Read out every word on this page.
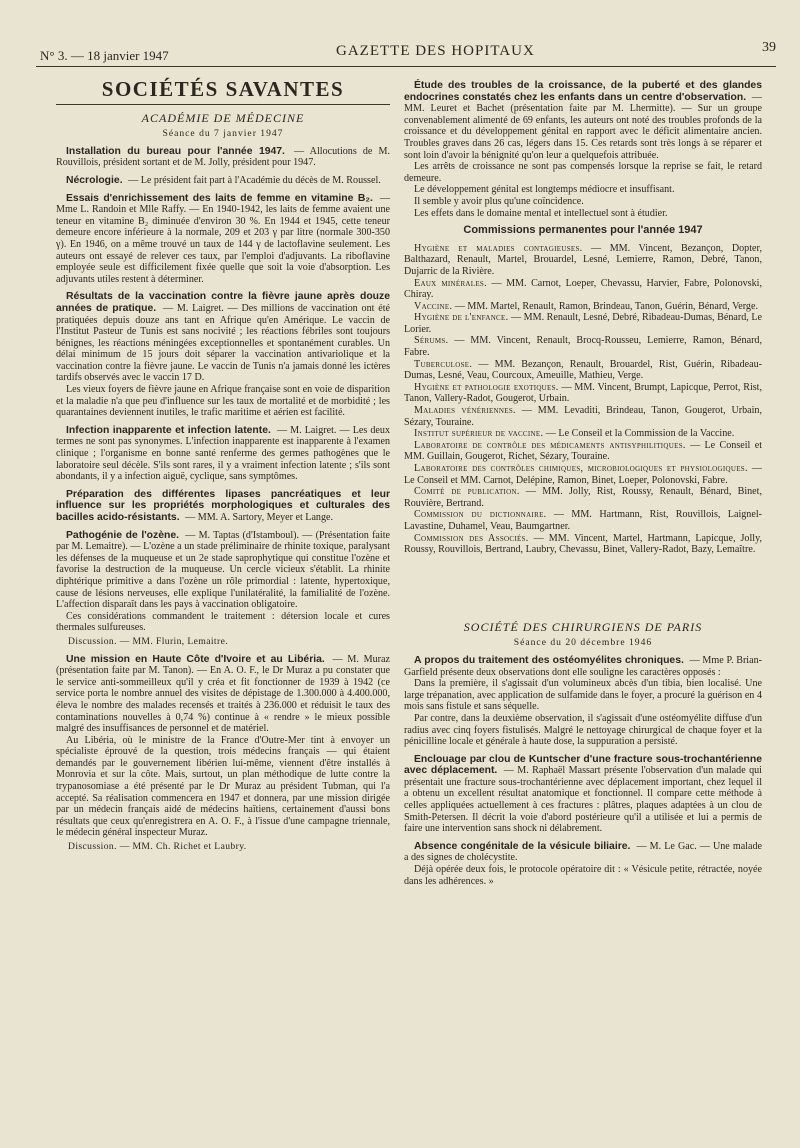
N° 3. — 18 janvier 1947	GAZETTE DES HOPITAUX	39
SOCIÉTÉS SAVANTES
ACADÉMIE DE MÉDECINE
Séance du 7 janvier 1947

Installation du bureau pour l'année 1947. — Allocutions de M. Rouvillois, président sortant et de M. Jolly, président pour 1947.

Nécrologie. — Le président fait part à l'Académie du décès de M. Roussel.

Essais d'enrichissement des laits de femme en vitamine B₂. — Mme L. Randoin et Mlle Raffy. — En 1940-1942, les laits de femme avaient une teneur en vitamine B₂ diminuée d'environ 30 %. En 1944 et 1945, cette teneur demeure encore inférieure à la normale, 209 et 203 γ par litre (normale 300-350 γ). En 1946, on a même trouvé un taux de 144 γ de lactoflavine seulement. Les auteurs ont essayé de relever ces taux, par l'emploi d'adjuvants. La riboflavine employée seule est difficilement fixée quelle que soit la voie d'absorption. Les adjuvants utiles restent à déterminer.

Résultats de la vaccination contre la fièvre jaune après douze années de pratique. — M. Laigret. — Des millions de vaccination ont été pratiquées depuis douze ans tant en Afrique qu'en Amérique. Le vaccin de l'Institut Pasteur de Tunis est sans nocivité ; les réactions fébriles sont toujours bénignes, les réactions méningées exceptionnelles et spontanément curables. Un délai minimum de 15 jours doit séparer la vaccination antivariolique et la vaccination contre la fièvre jaune. Le vaccin de Tunis n'a jamais donné les ictères tardifs observés avec le vaccin 17 D.

Les vieux foyers de fièvre jaune en Afrique française sont en voie de disparition et la maladie n'a que peu d'influence sur les taux de mortalité et de morbidité ; les quarantaines deviennent inutiles, le trafic maritime et aérien est facilité.

Infection inapparente et infection latente. — M. Laigret. — Les deux termes ne sont pas synonymes. L'infection inapparente est inapparente à l'examen clinique ; l'organisme en bonne santé renferme des germes pathogènes que le laboratoire seul décèle. S'ils sont rares, il y a vraiment infection latente ; s'ils sont abondants, il y a infection aiguë, cyclique, sans symptômes.

Préparation des différentes lipases pancréatiques et leur influence sur les propriétés morphologiques et culturales des bacilles acido-résistants. — MM. A. Sartory, Meyer et Lange.

Pathogénie de l'ozène. — M. Taptas (d'Istamboul). — (Présentation faite par M. Lemaitre). — L'ozène a un stade préliminaire de rhinite toxique, paralysant les défenses de la muqueuse et un 2e stade saprophytique qui constitue l'ozène et favorise la destruction de la muqueuse. Un cercle vicieux s'établit. La rhinite diphtérique primitive a dans l'ozène un rôle primordial : latente, hypertoxique, cause de lésions nerveuses, elle explique l'unilatéralité, la familialité de l'ozène. L'affection disparaît dans les pays à vaccination obligatoire.

Ces considérations commandent le traitement : détersion locale et cures thermales sulfureuses.

Discussion. — MM. Flurin, Lemaitre.

Une mission en Haute Côte d'Ivoire et au Libéria. — M. Muraz (présentation faite par M. Tanon). — En A. O. F., le Dr Muraz a pu constater que le service anti-sommeilleux qu'il y créa et fit fonctionner de 1939 à 1942 (ce service porta le nombre annuel des visites de dépistage de 1.300.000 à 4.400.000, éleva le nombre des malades recensés et traités à 236.000 et réduisit le taux des contaminations nouvelles à 0,74 %) continue à « rendre » le mieux possible malgré des insuffisances de personnel et de matériel.

Au Libéria, où le ministre de la France d'Outre-Mer tint à envoyer un spécialiste éprouvé de la question, trois médecins français — qui étaient demandés par le gouvernement libérien lui-même, viennent d'être installés à Monrovia et sur la côte. Mais, surtout, un plan méthodique de lutte contre la trypanosomiase a été présenté par le Dr Muraz au président Tubman, qui l'a accepté. Sa réalisation commencera en 1947 et donnera, par une mission dirigée par un médecin français aidé de médecins haïtiens, certainement d'aussi bons résultats que ceux qu'enregistrera en A. O. F., à l'issue d'une campagne triennale, le médecin général inspecteur Muraz.

Discussion. — MM. Ch. Richet et Laubry.

Étude des troubles de la croissance, de la puberté et des glandes endocrines constatés chez les enfants dans un centre d'observation. — MM. Leuret et Bachet (présentation faite par M. Lhermitte). — Sur un groupe convenablement alimenté de 69 enfants, les auteurs ont noté des troubles profonds de la croissance et du développement génital en rapport avec le déficit alimentaire ancien. Troubles graves dans 26 cas, légers dans 15. Ces retards sont très longs à se réparer et sont loin d'avoir la bénignité qu'on leur a quelquefois attribuée.

Les arrêts de croissance ne sont pas compensés lorsque la reprise se fait, le retard demeure.

Le développement génital est longtemps médiocre et insuffisant.

Il semble y avoir plus qu'une coïncidence.

Les effets dans le domaine mental et intellectuel sont à étudier.

Commissions permanentes pour l'année 1947

Hygiène et maladies contagieuses. — MM. Vincent, Bezançon, Dopter, Balthazard, Renault, Martel, Brouardel, Lesné, Lemierre, Ramon, Debré, Tanon, Dujarric de la Rivière.

Eaux minérales. — MM. Carnot, Loeper, Chevassu, Harvier, Fabre, Polonovski, Chiray.

Vaccine. — MM. Martel, Renault, Ramon, Brindeau, Tanon, Guérin, Bénard, Verge.

Hygiène de l'enfance. — MM. Renault, Lesné, Debré, Ribadeau-Dumas, Bénard, Le Lorier.

Sérums. — MM. Vincent, Renault, Brocq-Rousseu, Lemierre, Ramon, Bénard, Fabre.

Tuberculose. — MM. Bezançon, Renault, Brouardel, Rist, Guérin, Ribadeau-Dumas, Lesné, Veau, Courcoux, Ameuille, Mathieu, Verge.

Hygiène et pathologie exotiques. — MM. Vincent, Brumpt, Lapicque, Perrot, Rist, Tanon, Vallery-Radot, Gougerot, Urbain.

Maladies vénériennes. — MM. Levaditi, Brindeau, Tanon, Gougerot, Urbain, Sézary, Touraine.

Institut supérieur de vaccine. — Le Conseil et la Commission de la Vaccine.

Laboratoire de contrôle des médicaments antisyphilitiques. — Le Conseil et MM. Guillain, Gougerot, Richet, Sézary, Touraine.

Laboratoire des contrôles chimiques, microbiologiques et physiologiques. — Le Conseil et MM. Carnot, Delépine, Ramon, Binet, Loeper, Polonovski, Fabre.

Comité de publication. — MM. Jolly, Rist, Roussy, Renault, Bénard, Binet, Rouvière, Bertrand.

Commission du dictionnaire. — MM. Hartmann, Rist, Rouvillois, Laignel-Lavastine, Duhamel, Veau, Baumgartner.

Commission des Associés. — MM. Vincent, Martel, Hartmann, Lapicque, Jolly, Roussy, Rouvillois, Bertrand, Laubry, Chevassu, Binet, Vallery-Radot, Bazy, Lemaître.

SOCIÉTÉ DES CHIRURGIENS DE PARIS
Séance du 20 décembre 1946

A propos du traitement des ostéomyélites chroniques. — Mme P. Brian-Garfield présente deux observations dont elle souligne les caractères opposés :

Dans la première, il s'agissait d'un volumineux abcès d'un tibia, bien localisé. Une large trépanation, avec application de sulfamide dans le foyer, a procuré la guérison en 4 mois sans fistule et sans séquelle.

Par contre, dans la deuxième observation, il s'agissait d'une ostéomyélite diffuse d'un radius avec cinq foyers fistulisés. Malgré le nettoyage chirurgical de chaque foyer et la pénicilline locale et générale à haute dose, la suppuration a persisté.

Enclouage par clou de Kuntscher d'une fracture sous-trochantérienne avec déplacement. — M. Raphaël Massart présente l'observation d'un malade qui présentait une fracture sous-trochantérienne avec déplacement important, chez lequel il a obtenu un excellent résultat anatomique et fonctionnel. Il compare cette méthode à celles appliquées actuellement à ces fractures : plâtres, plaques adaptées à un clou de Smith-Petersen. Il décrit la voie d'abord postérieure qu'il a utilisée et lui a permis de faire une intervention sans shock ni délabrement.

Absence congénitale de la vésicule biliaire. — M. Le Gac. — Une malade a des signes de cholécystite.

Déjà opérée deux fois, le protocole opératoire dit : « Vésicule petite, rétractée, noyée dans les adhérences. »
